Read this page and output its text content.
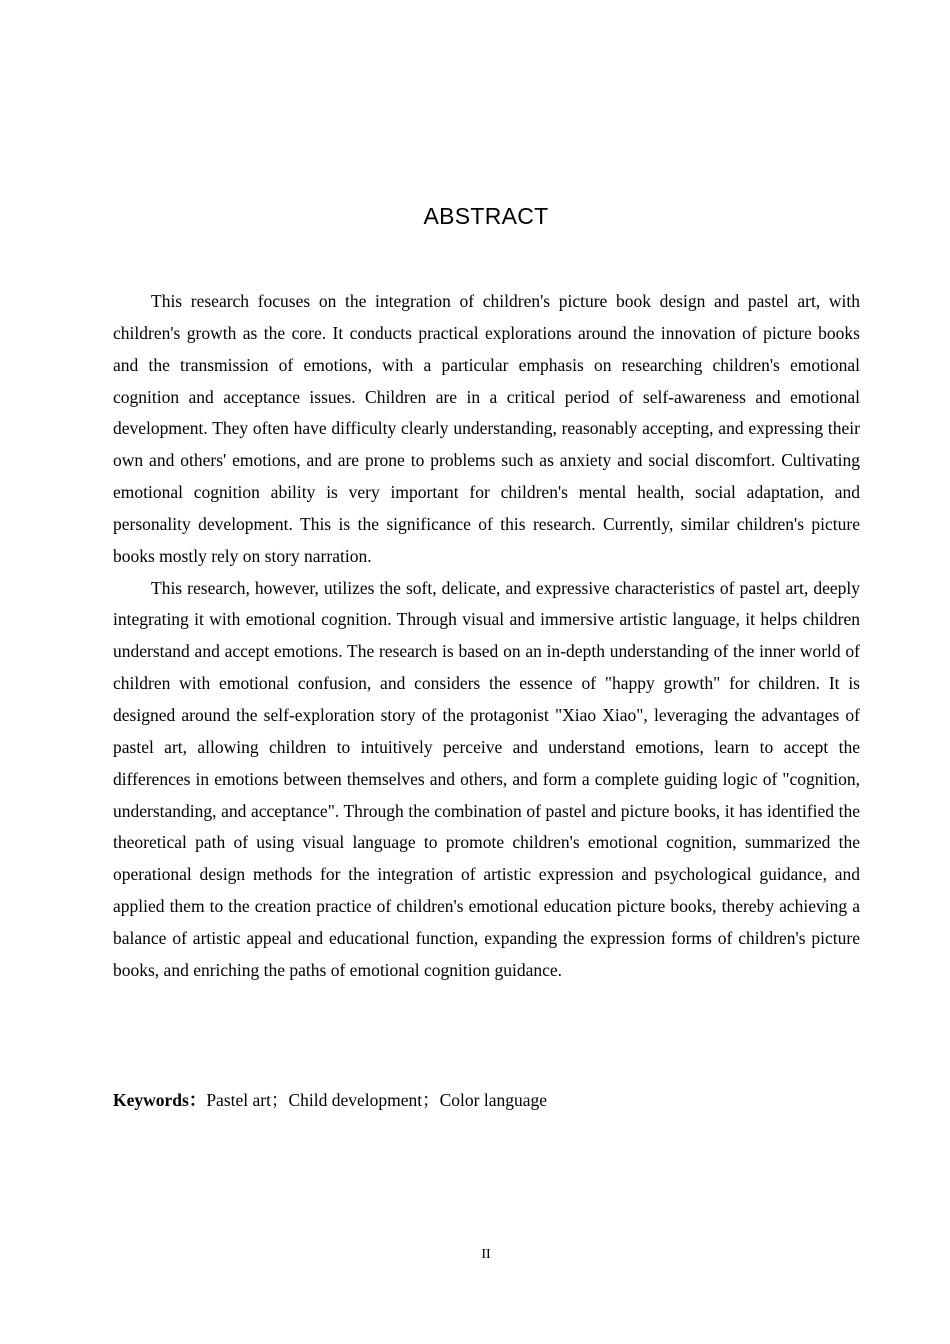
ABSTRACT

This research focuses on the integration of children's picture book design and pastel art, with children's growth as the core. It conducts practical explorations around the innovation of picture books and the transmission of emotions, with a particular emphasis on researching children's emotional cognition and acceptance issues. Children are in a critical period of self-awareness and emotional development. They often have difficulty clearly understanding, reasonably accepting, and expressing their own and others' emotions, and are prone to problems such as anxiety and social discomfort. Cultivating emotional cognition ability is very important for children's mental health, social adaptation, and personality development. This is the significance of this research. Currently, similar children's picture books mostly rely on story narration.

This research, however, utilizes the soft, delicate, and expressive characteristics of pastel art, deeply integrating it with emotional cognition. Through visual and immersive artistic language, it helps children understand and accept emotions. The research is based on an in-depth understanding of the inner world of children with emotional confusion, and considers the essence of "happy growth" for children. It is designed around the self-exploration story of the protagonist "Xiao Xiao", leveraging the advantages of pastel art, allowing children to intuitively perceive and understand emotions, learn to accept the differences in emotions between themselves and others, and form a complete guiding logic of "cognition, understanding, and acceptance". Through the combination of pastel and picture books, it has identified the theoretical path of using visual language to promote children's emotional cognition, summarized the operational design methods for the integration of artistic expression and psychological guidance, and applied them to the creation practice of children's emotional education picture books, thereby achieving a balance of artistic appeal and educational function, expanding the expression forms of children's picture books, and enriching the paths of emotional cognition guidance.

Keywords：Pastel art；Child development；Color language
II
